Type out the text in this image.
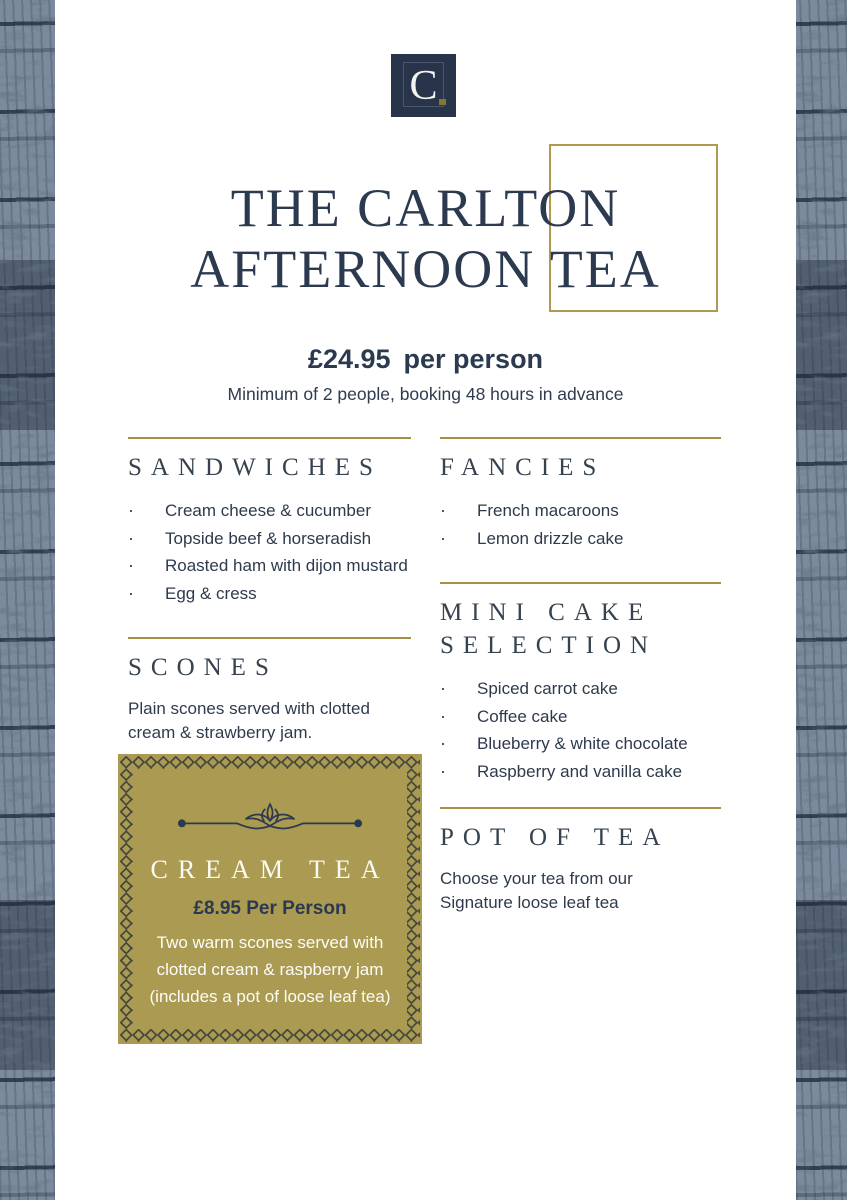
C
THE CARLTON
AFTERNOON TEA
£24.95 per person
Minimum of 2 people, booking 48 hours in advance
SANDWICHES
·	Cream cheese & cucumber
·	Topside beef & horseradish
·	Roasted ham with dijon mustard
·	Egg & cress
SCONES

Plain scones served with clotted cream & strawberry jam.

FANCIES
·	French macaroons
·	Lemon drizzle cake
MINI CAKE SELECTION
·	Spiced carrot cake
·	Coffee cake
·	Blueberry & white chocolate
·	Raspberry and vanilla cake
POT OF TEA

Choose your tea from our Signature loose leaf tea

CREAM TEA
£8.95 Per Person

Two warm scones served with
clotted cream & raspberry jam
(includes a pot of loose leaf tea)
